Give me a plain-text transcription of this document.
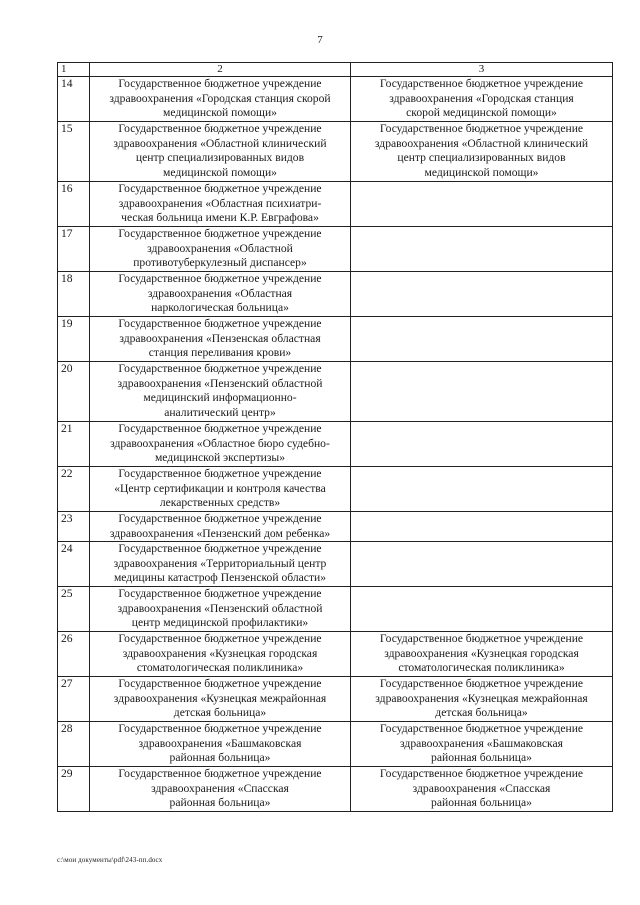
7
1	2	3
14	Государственное бюджетное учреждение
здравоохранения «Городская станция скорой
медицинской помощи»	Государственное бюджетное учреждение
здравоохранения «Городская станция
скорой медицинской помощи»
15	Государственное бюджетное учреждение
здравоохранения «Областной клинический
центр специализированных видов
медицинской помощи»	Государственное бюджетное учреждение
здравоохранения «Областной клинический
центр специализированных видов
медицинской помощи»
16	Государственное бюджетное учреждение
здравоохранения «Областная психиатри-
ческая больница имени К.Р. Евграфова»	
17	Государственное бюджетное учреждение
здравоохранения «Областной
противотуберкулезный диспансер»	
18	Государственное бюджетное учреждение
здравоохранения «Областная
наркологическая больница»	
19	Государственное бюджетное учреждение
здравоохранения «Пензенская областная
станция переливания крови»	
20	Государственное бюджетное учреждение
здравоохранения «Пензенский областной
медицинский информационно-
аналитический центр»	
21	Государственное бюджетное учреждение
здравоохранения «Областное бюро судебно-
медицинской экспертизы»	
22	Государственное бюджетное учреждение
«Центр сертификации и контроля качества
лекарственных средств»	
23	Государственное бюджетное учреждение
здравоохранения «Пензенский дом ребенка»	
24	Государственное бюджетное учреждение
здравоохранения «Территориальный центр
медицины катастроф Пензенской области»	
25	Государственное бюджетное учреждение
здравоохранения «Пензенский областной
центр медицинской профилактики»	
26	Государственное бюджетное учреждение
здравоохранения «Кузнецкая городская
стоматологическая поликлиника»	Государственное бюджетное учреждение
здравоохранения «Кузнецкая городская
стоматологическая поликлиника»
27	Государственное бюджетное учреждение
здравоохранения «Кузнецкая межрайонная
детская больница»	Государственное бюджетное учреждение
здравоохранения «Кузнецкая межрайонная
детская больница»
28	Государственное бюджетное учреждение
здравоохранения «Башмаковская
районная больница»	Государственное бюджетное учреждение
здравоохранения «Башмаковская
районная больница»
29	Государственное бюджетное учреждение
здравоохранения «Спасская
районная больница»	Государственное бюджетное учреждение
здравоохранения «Спасская
районная больница»
c:\мои документы\pdf\243-пп.docx
